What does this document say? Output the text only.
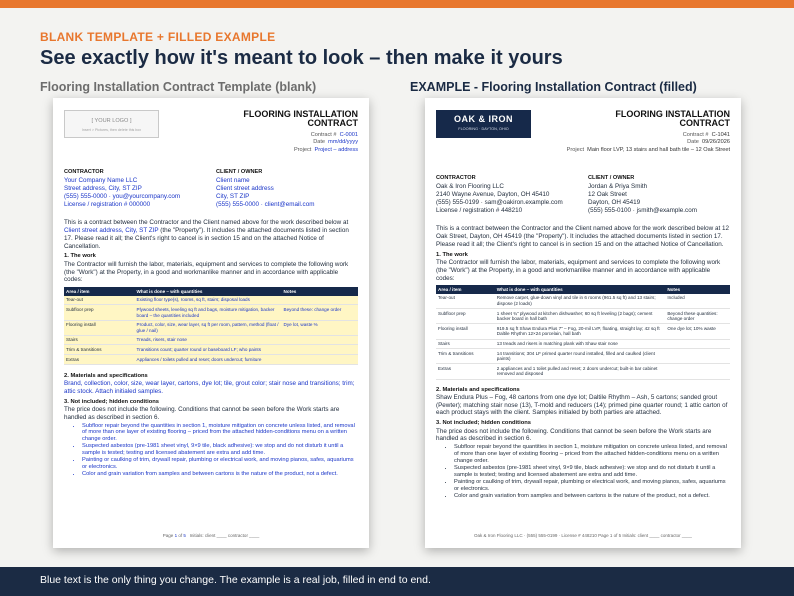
BLANK TEMPLATE + FILLED EXAMPLE
See exactly how it's meant to look – then make it yours
Flooring Installation Contract Template (blank)	EXAMPLE - Flooring Installation Contract (filled)
[ YOUR LOGO ]
Insert > Pictures, then delete this box
FLOORING INSTALLATION
CONTRACT
Contract # C-0001
Date mm/dd/yyyy
Project Project – address
CONTRACTOR
Your Company Name LLC
Street address, City, ST ZIP
(555) 555-0000 · you@yourcompany.com
License / registration # 000000
CLIENT / OWNER
Client name
Client street address
City, ST ZIP
(555) 555-0000 · client@email.com
This is a contract between the Contractor and the Client named above for the work described below at Client street address, City, ST ZIP (the "Property"). It includes the attached documents listed in section 17. Please read it all; the Client's right to cancel is in section 15 and on the attached Notice of Cancellation.
1. The work
The Contractor will furnish the labor, materials, equipment and services to complete the following work (the "Work") at the Property, in a good and workmanlike manner and in accordance with applicable codes:
Area / item	What is done – with quantities	Notes
Tear-out	Existing floor type(s), rooms, sq ft, stairs; disposal loads	
Subfloor prep	Plywood sheets, leveling sq ft and bags, moisture mitigation, backer board – the quantities included	Beyond these: change order
Flooring install	Product, color, size, wear layer, sq ft per room, pattern, method (float / glue / nail)	Dye lot, waste %
Stairs	Treads, risers, stair nose	
Trim & transitions	Transitions count; quarter round or baseboard LF; who paints	
Extras	Appliances / toilets pulled and reset; doors undercut; furniture	
2. Materials and specifications
Brand, collection, color, size, wear layer, cartons, dye lot; tile, grout color; stair nose and transitions; trim; attic stock. Attach initialed samples.
3. Not included; hidden conditions
The price does not include the following. Conditions that cannot be seen before the Work starts are handled as described in section 6.
• Subfloor repair beyond the quantities in section 1, moisture mitigation on concrete unless listed, and removal of more than one layer of existing flooring – priced from the attached hidden-conditions menu on a written change order.
• Suspected asbestos (pre-1981 sheet vinyl, 9×9 tile, black adhesive): we stop and do not disturb it until a sample is tested; testing and licensed abatement are extra and add time.
• Painting or caulking of trim, drywall repair, plumbing or electrical work, and moving pianos, safes, aquariums or electronics.
• Color and grain variation from samples and between cartons is the nature of the product, not a defect.
Page 1 of 5 Initials: client ____ contractor ____
OAK & IRON
FLOORING · DAYTON, OHIO
FLOORING INSTALLATION
CONTRACT
Contract # C-1041
Date 09/26/2026
Project Main floor LVP, 13 stairs and hall bath tile – 12 Oak Street
CONTRACTOR
Oak & Iron Flooring LLC
2140 Wayne Avenue, Dayton, OH 45410
(555) 555-0199 · sam@oakiron.example.com
License / registration # 448210
CLIENT / OWNER
Jordan & Priya Smith
12 Oak Street
Dayton, OH 45419
(555) 555-0100 · jsmith@example.com
This is a contract between the Contractor and the Client named above for the work described below at 12 Oak Street, Dayton, OH 45419 (the "Property"). It includes the attached documents listed in section 17. Please read it all; the Client's right to cancel is in section 15 and on the attached Notice of Cancellation.
1. The work
The Contractor will furnish the labor, materials, equipment and services to complete the following work (the "Work") at the Property, in a good and workmanlike manner and in accordance with applicable codes:
Area / item	What is done – with quantities	Notes
Tear-out	Remove carpet, glue-down vinyl and tile in 6 rooms (961.5 sq ft) and 13 stairs; dispose (2 loads)	Included
Subfloor prep	1 sheet ¾" plywood at kitchen dishwasher; 60 sq ft leveling (2 bags); cement backer board in hall bath	Beyond these quantities: change order
Flooring install	919.5 sq ft Shaw Endura Plus 7" – Fog, 20-mil LVP, floating, straight lay; 42 sq ft Daltile Rhythm 12×24 porcelain, hall bath	One dye lot; 10% waste
Stairs	13 treads and risers in matching plank with Shaw stair nose	
Trim & transitions	14 transitions; 304 LF primed quarter round installed, filled and caulked (client paints)	
Extras	2 appliances and 1 toilet pulled and reset; 2 doors undercut; built-in bar cabinet removed and disposed	
2. Materials and specifications
Shaw Endura Plus – Fog, 48 cartons from one dye lot; Daltile Rhythm – Ash, 5 cartons; sanded grout (Pewter); matching stair nose (13), T-mold and reducers (14); primed pine quarter round; 1 attic carton of each product stays with the client. Samples initialed by both parties are attached.
3. Not included; hidden conditions
The price does not include the following. Conditions that cannot be seen before the Work starts are handled as described in section 6.
• Subfloor repair beyond the quantities in section 1, moisture mitigation on concrete unless listed, and removal of more than one layer of existing flooring – priced from the attached hidden-conditions menu on a written change order.
• Suspected asbestos (pre-1981 sheet vinyl, 9×9 tile, black adhesive): we stop and do not disturb it until a sample is tested; testing and licensed abatement are extra and add time.
• Painting or caulking of trim, drywall repair, plumbing or electrical work, and moving pianos, safes, aquariums or electronics.
• Color and grain variation from samples and between cartons is the nature of the product, not a defect.
Oak & Iron Flooring LLC · (555) 555-0199 · License # 448210 Page 1 of 5 Initials: client ____ contractor ____
Blue text is the only thing you change. The example is a real job, filled in end to end.
